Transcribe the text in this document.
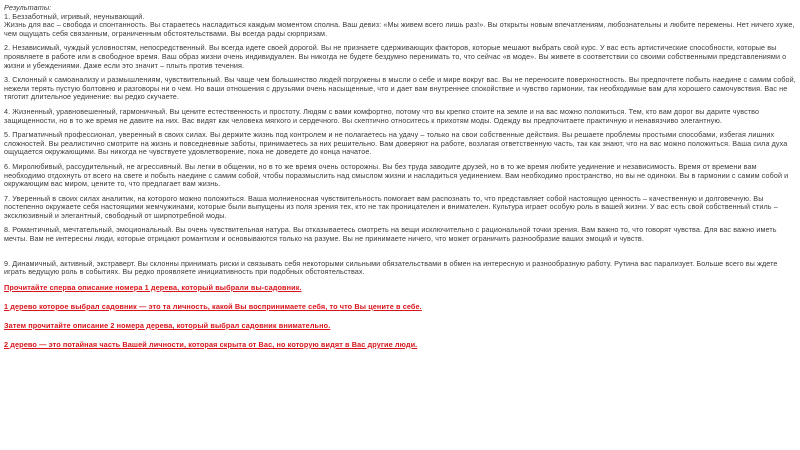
Результаты:

1. Беззаботный, игривый, неунывающий.

Жизнь для вас – свобода и спонтанность. Вы стараетесь насладиться каждым моментом сполна. Ваш девиз: «Мы живем всего лишь раз!». Вы открыты новым впечатлениям, любознательны и любите перемены. Нет ничего хуже, чем ощущать себя связанным, ограниченным обстоятельствами. Вы всегда рады сюрпризам.

2. Независимый, чуждый условностям, непосредственный. Вы всегда идете своей дорогой. Вы не признаете сдерживающих факторов, которые мешают выбрать свой курс. У вас есть артистические способности, которые вы проявляете в работе или в свободное время. Ваш образ жизни очень индивидуален. Вы никогда не будете бездумно перенимать то, что сейчас «в моде». Вы живете в соответствии со своими собственными представлениями о жизни и убеждениями. Даже если это значит – плыть против течения.

3. Склонный к самоанализу и размышлениям, чувствительный. Вы чаще чем большинство людей погружены в мысли о себе и мире вокруг вас. Вы не переносите поверхностность. Вы предпочтете побыть наедине с самим собой, нежели терять пустую болтовню и разговоры ни о чем. Но ваши отношения с друзьями очень насыщенные, что и дает вам внутреннее спокойствие и чувство гармонии, так необходимые вам для хорошего самочувствия. Вас не тяготит длительное уединение: вы редко скучаете.

4. Жизненный, уравновешенный, гармоничный. Вы цените естественность и простоту. Людям с вами комфортно, потому что вы крепко стоите на земле и на вас можно положиться. Тем, кто вам дорог вы дарите чувство защищенности, но в то же время не давите на них. Вас видят как человека мягкого и сердечного. Вы скептично относитесь к прихотям моды. Одежду вы предпочитаете практичную и ненавязчиво элегантную.

5. Прагматичный профессионал, уверенный в своих силах. Вы держите жизнь под контролем и не полагаетесь на удачу – только на свои собственные действия. Вы решаете проблемы простыми способами, избегая лишних сложностей. Вы реалистично смотрите на жизнь и повседневные заботы, принимаетесь за них решительно. Вам доверяют на работе, возлагая ответственную часть, так как знают, что на вас можно положиться. Ваша сила духа ощущается окружающими. Вы никогда не чувствуете удовлетворение, пока не доведете до конца начатое.

6. Миролюбивый, рассудительный, не агрессивный. Вы легки в общении, но в то же время очень осторожны. Вы без труда заводите друзей, но в то же время любите уединение и независимость. Время от времени вам необходимо отдохнуть от всего на свете и побыть наедине с самим собой, чтобы поразмыслить над смыслом жизни и насладиться уединением. Вам необходимо пространство, но вы не одиноки. Вы в гармонии с самим собой и окружающим вас миром, цените то, что предлагает вам жизнь.

7. Уверенный в своих силах аналитик, на которого можно положиться. Ваша молниеносная чувствительность помогает вам распознать то, что представляет собой настоящую ценность – качественную и долговечную. Вы постепенно окружаете себя настоящими жемчужинами, которые были выпущены из поля зрения тех, кто не так проницателен и внимателен. Культура играет особую роль в вашей жизни. У вас есть свой собственный стиль – эксклюзивный и элегантный, свободный от ширпотребной моды.

8. Романтичный, мечтательный, эмоциональный. Вы очень чувствительная натура. Вы отказываетесь смотреть на вещи исключительно с рациональной точки зрения. Вам важно то, что говорят чувства. Для вас важно иметь мечты. Вам не интересны люди, которые отрицают романтизм и основываются только на разуме. Вы не принимаете ничего, что может ограничить разнообразие ваших эмоций и чувств.

9. Динамичный, активный, экстраверт. Вы склонны принимать риски и связывать себя некоторыми сильными обязательствами в обмен на интересную и разнообразную работу. Рутина вас парализует. Больше всего вы ждете играть ведущую роль в событиях. Вы редко проявляете инициативность при подобных обстоятельствах.

Прочитайте сперва описание номера 1 дерева, который выбрали вы-садовник.

1 дерево которое выбрал садовник — это та личность, какой Вы воспринимаете себя, то что Вы цените в себе.

Затем прочитайте описание 2 номера дерева, который выбрал садовник внимательно.

2 дерево — это потайная часть Вашей личности, которая скрыта от Вас, но которую видят в Вас другие люди.
